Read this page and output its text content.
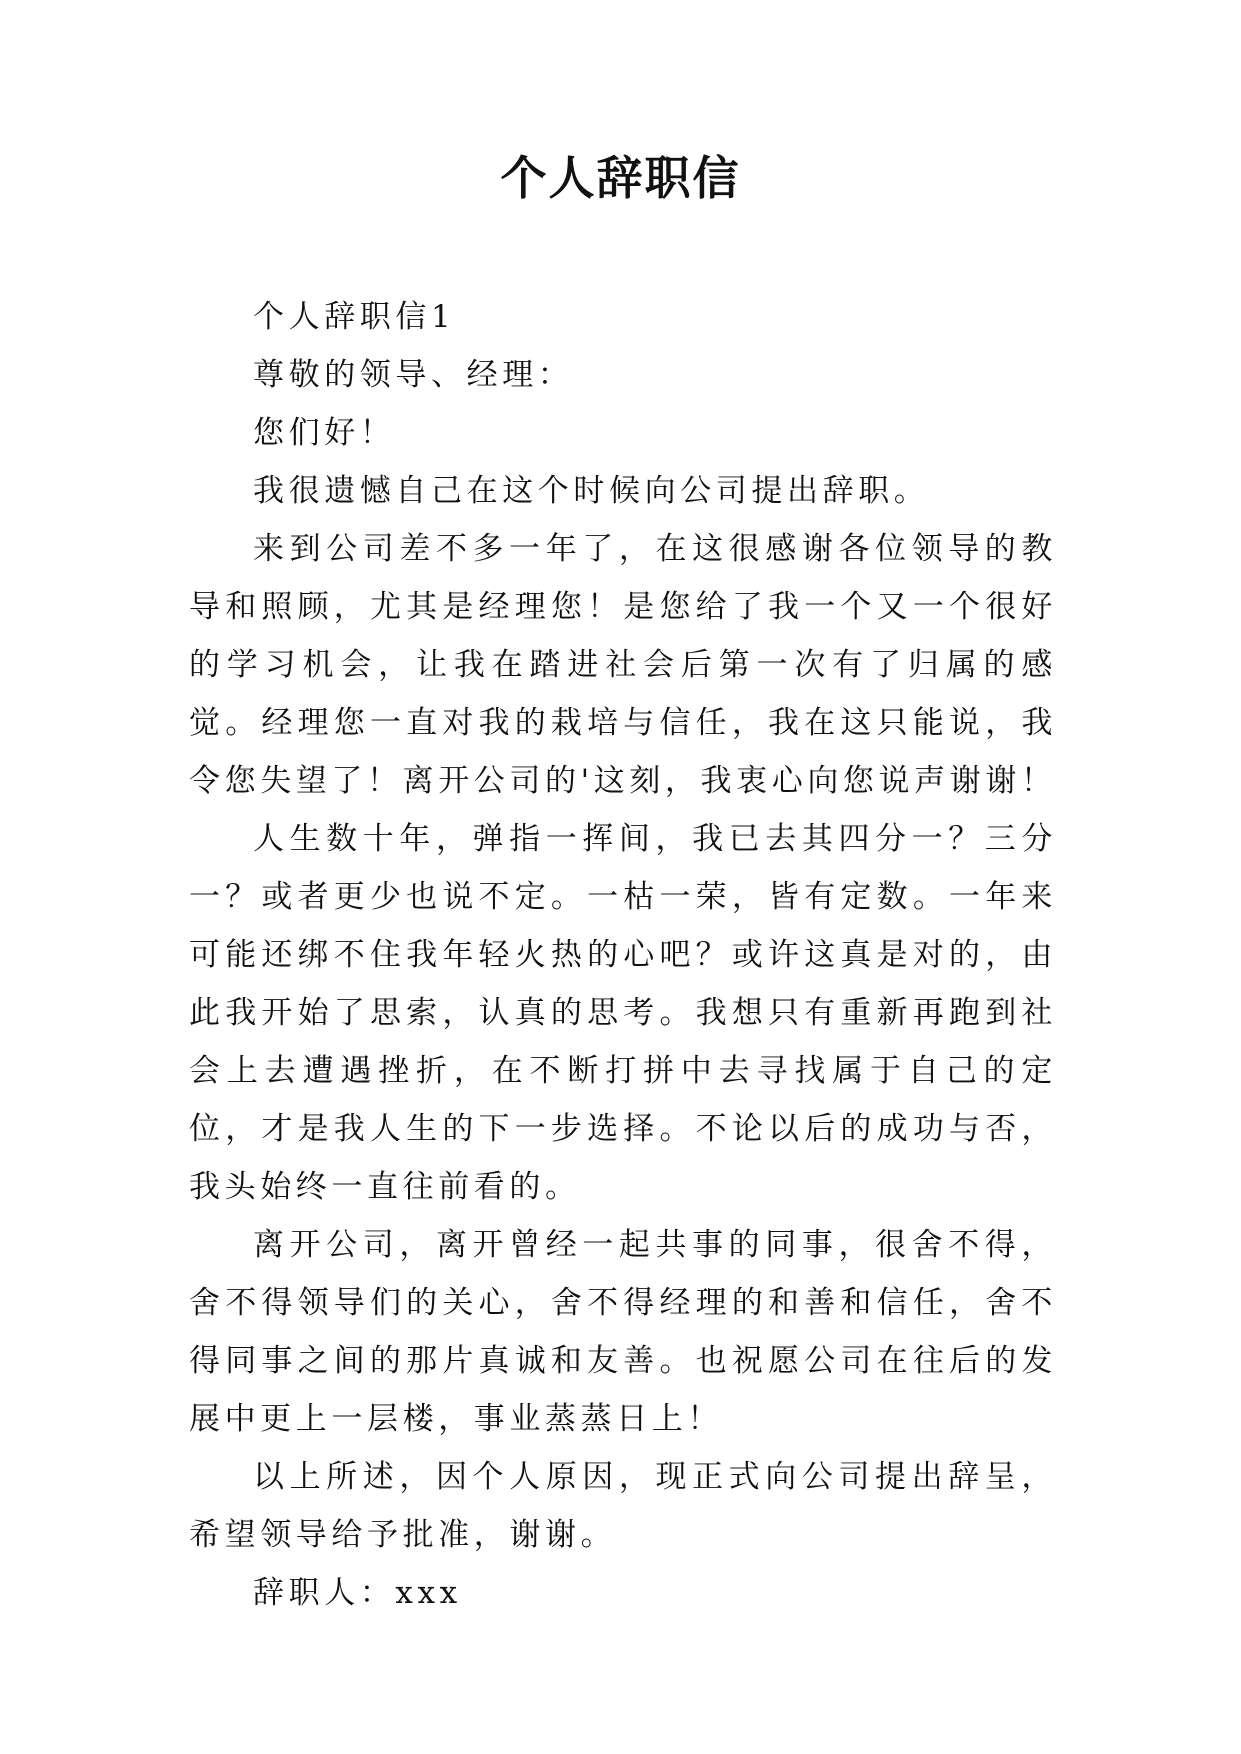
个人辞职信

个人辞职信1

尊敬的领导、经理：

您们好！

我很遗憾自己在这个时候向公司提出辞职。

来到公司差不多一年了，在这很感谢各位领导的教导和照顾，尤其是经理您！是您给了我一个又一个很好的学习机会，让我在踏进社会后第一次有了归属的感觉。经理您一直对我的栽培与信任，我在这只能说，我令您失望了！离开公司的'这刻，我衷心向您说声谢谢！

人生数十年，弹指一挥间，我已去其四分一？三分一？或者更少也说不定。一枯一荣，皆有定数。一年来可能还绑不住我年轻火热的心吧？或许这真是对的，由此我开始了思索，认真的思考。我想只有重新再跑到社会上去遭遇挫折，在不断打拼中去寻找属于自己的定位，才是我人生的下一步选择。不论以后的成功与否，我头始终一直往前看的。

离开公司，离开曾经一起共事的同事，很舍不得，舍不得领导们的关心，舍不得经理的和善和信任，舍不得同事之间的那片真诚和友善。也祝愿公司在往后的发展中更上一层楼，事业蒸蒸日上！

以上所述，因个人原因，现正式向公司提出辞呈，希望领导给予批准，谢谢。

辞职人：xxx
